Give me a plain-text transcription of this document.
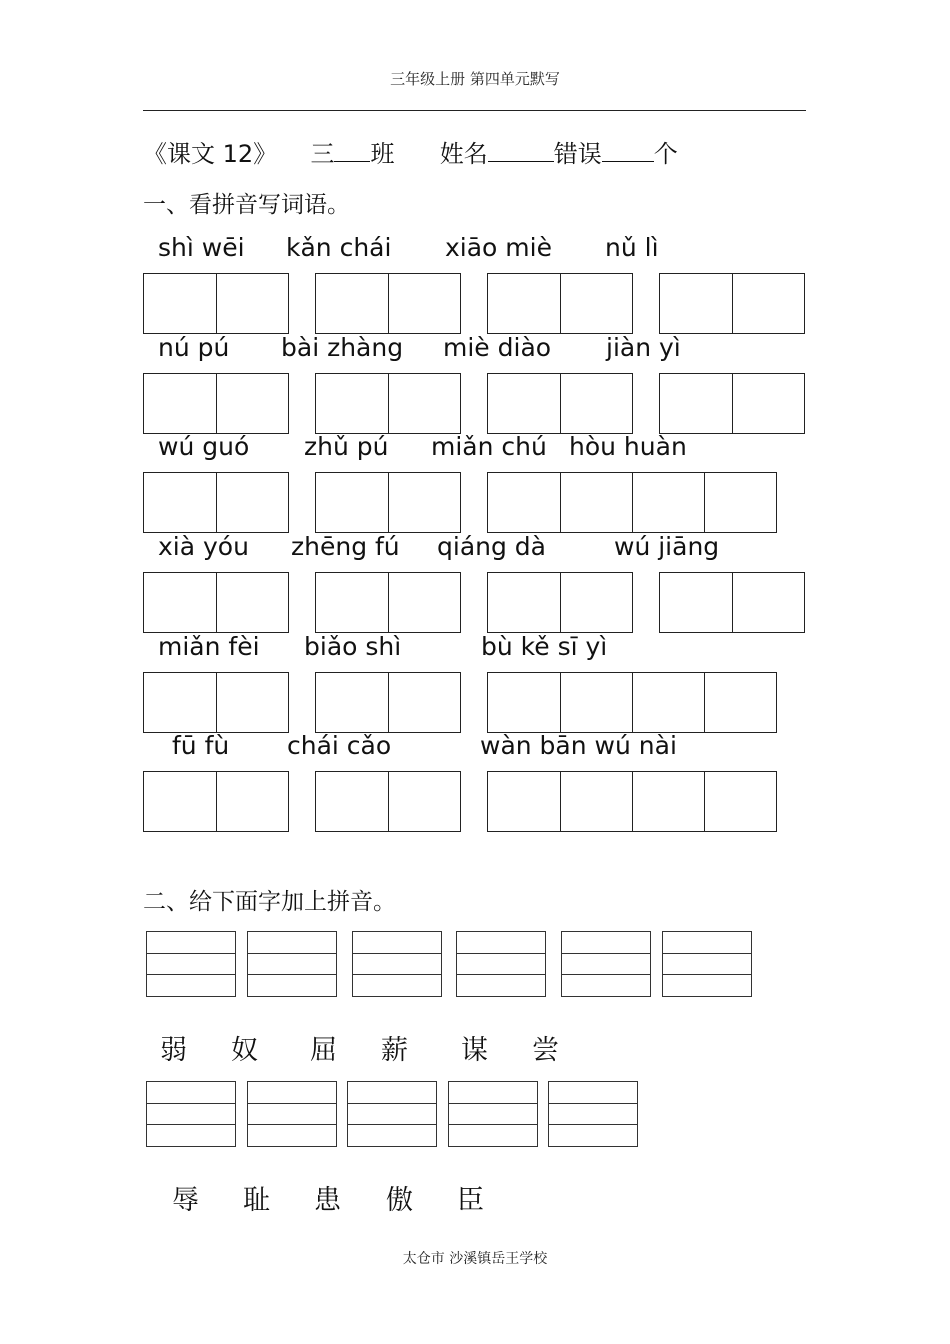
三年级上册 第四单元默写
《课文 12》 三 班 姓名	错误 个
一、看拼音写词语。
shì wēi kǎn chái xiāo miè nǔ lì
nú pú bài zhàng miè diào jiàn yì
wú guó zhǔ pú miǎn chú hòu huàn
xià yóu zhēng fú qiáng dà	wú jiāng
miǎn fèi biǎo shì	bù kě sī yì
fū fù chái cǎo	wàn bān wú nài
二、给下面字加上拼音。
弱 奴 屈 薪 谋 尝
辱 耻 患 傲 臣
太仓市 沙溪镇岳王学校
